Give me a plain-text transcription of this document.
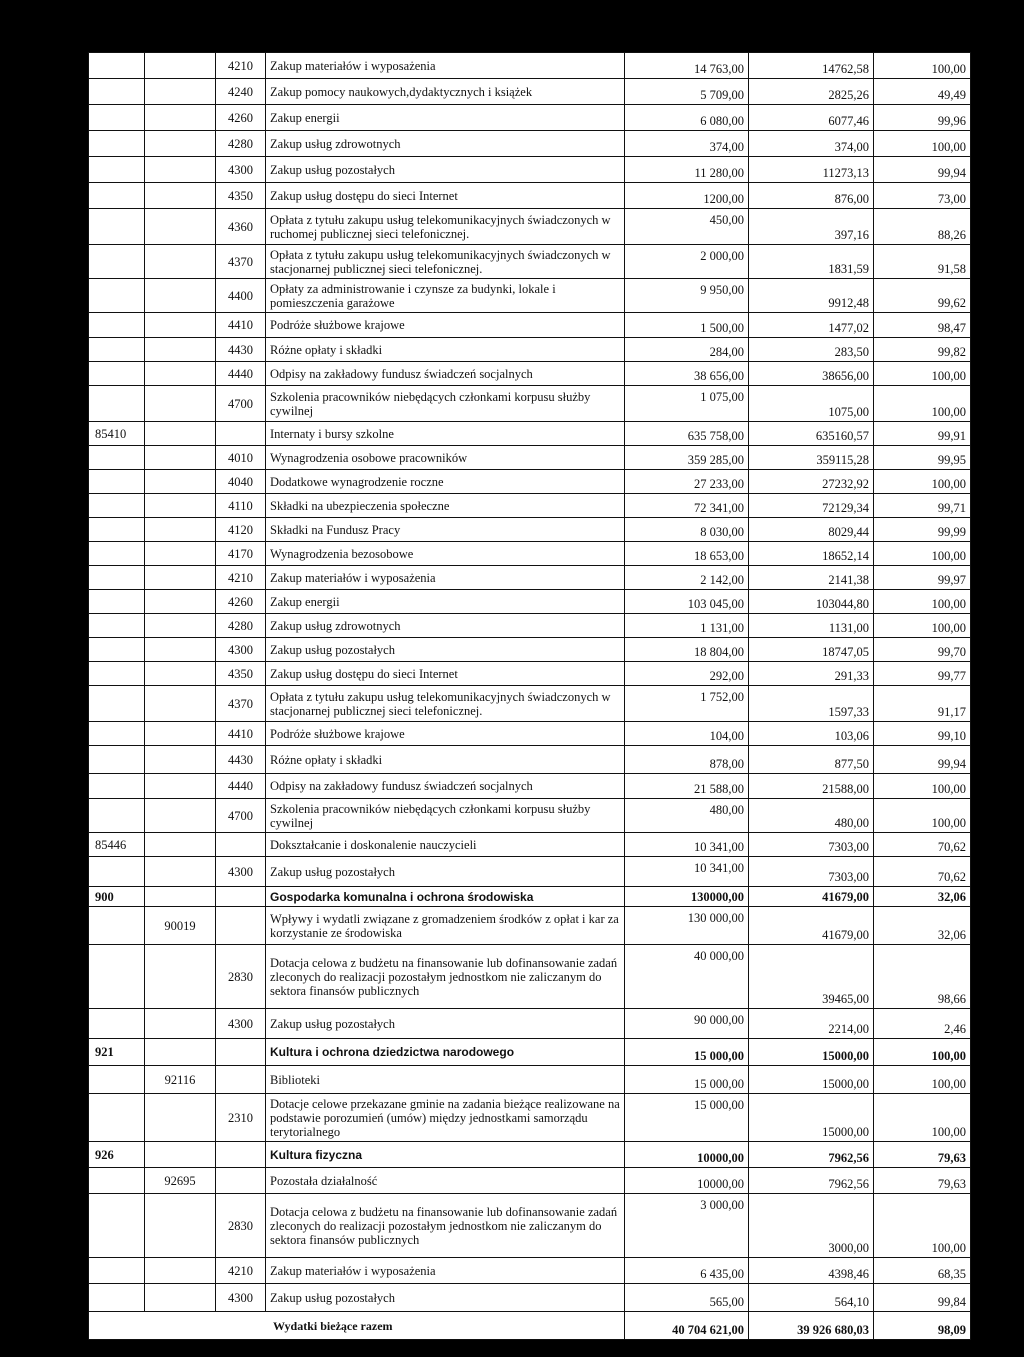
		4210	Zakup materiałów i wyposażenia	14 763,00	14762,58	100,00
		4240	Zakup pomocy naukowych,dydaktycznych i książek	5 709,00	2825,26	49,49
		4260	Zakup energii	6 080,00	6077,46	99,96
		4280	Zakup usług zdrowotnych	374,00	374,00	100,00
		4300	Zakup usług pozostałych	11 280,00	11273,13	99,94
		4350	Zakup usług dostępu do sieci Internet	1200,00	876,00	73,00
		4360	Opłata z tytułu zakupu usług telekomunikacyjnych świadczonych w ruchomej publicznej sieci telefonicznej.	450,00	397,16	88,26
		4370	Opłata z tytułu zakupu usług telekomunikacyjnych świadczonych w stacjonarnej publicznej sieci telefonicznej.	2 000,00	1831,59	91,58
		4400	Opłaty za administrowanie i czynsze za budynki, lokale i pomieszczenia garażowe	9 950,00	9912,48	99,62
		4410	Podróże służbowe krajowe	1 500,00	1477,02	98,47
		4430	Różne opłaty i składki	284,00	283,50	99,82
		4440	Odpisy na zakładowy fundusz świadczeń socjalnych	38 656,00	38656,00	100,00
		4700	Szkolenia pracowników niebędących członkami korpusu służby cywilnej	1 075,00	1075,00	100,00
85410			Internaty i bursy szkolne	635 758,00	635160,57	99,91
		4010	Wynagrodzenia osobowe pracowników	359 285,00	359115,28	99,95
		4040	Dodatkowe wynagrodzenie roczne	27 233,00	27232,92	100,00
		4110	Składki na ubezpieczenia społeczne	72 341,00	72129,34	99,71
		4120	Składki na Fundusz Pracy	8 030,00	8029,44	99,99
		4170	Wynagrodzenia bezosobowe	18 653,00	18652,14	100,00
		4210	Zakup materiałów i wyposażenia	2 142,00	2141,38	99,97
		4260	Zakup energii	103 045,00	103044,80	100,00
		4280	Zakup usług zdrowotnych	1 131,00	1131,00	100,00
		4300	Zakup usług pozostałych	18 804,00	18747,05	99,70
		4350	Zakup usług dostępu do sieci Internet	292,00	291,33	99,77
		4370	Opłata z tytułu zakupu usług telekomunikacyjnych świadczonych w stacjonarnej publicznej sieci telefonicznej.	1 752,00	1597,33	91,17
		4410	Podróże służbowe krajowe	104,00	103,06	99,10
		4430	Różne opłaty i składki	878,00	877,50	99,94
		4440	Odpisy na zakładowy fundusz świadczeń socjalnych	21 588,00	21588,00	100,00
		4700	Szkolenia pracowników niebędących członkami korpusu służby cywilnej	480,00	480,00	100,00
85446			Dokształcanie i doskonalenie nauczycieli	10 341,00	7303,00	70,62
		4300	Zakup usług pozostałych	10 341,00	7303,00	70,62
900			Gospodarka komunalna i ochrona środowiska	130000,00	41679,00	32,06
	90019		Wpływy i wydatli związane z gromadzeniem środków z opłat i kar za korzystanie ze środowiska	130 000,00	41679,00	32,06
		2830	Dotacja celowa z budżetu na finansowanie lub dofinansowanie zadań zleconych do realizacji pozostałym jednostkom nie zaliczanym do sektora finansów publicznych	40 000,00	39465,00	98,66
		4300	Zakup usług pozostałych	90 000,00	2214,00	2,46
921			Kultura i ochrona dziedzictwa narodowego	15 000,00	15000,00	100,00
	92116		Biblioteki	15 000,00	15000,00	100,00
		2310	Dotacje celowe przekazane gminie na zadania bieżące realizowane na podstawie porozumień (umów) między jednostkami samorządu terytorialnego	15 000,00	15000,00	100,00
926			Kultura fizyczna	10000,00	7962,56	79,63
	92695		Pozostała działalność	10000,00	7962,56	79,63
		2830	Dotacja celowa z budżetu na finansowanie lub dofinansowanie zadań zleconych do realizacji pozostałym jednostkom nie zaliczanym do sektora finansów publicznych	3 000,00	3000,00	100,00
		4210	Zakup materiałów i wyposażenia	6 435,00	4398,46	68,35
		4300	Zakup usług pozostałych	565,00	564,10	99,84
Wydatki bieżące razem				40 704 621,00	39 926 680,03	98,09
